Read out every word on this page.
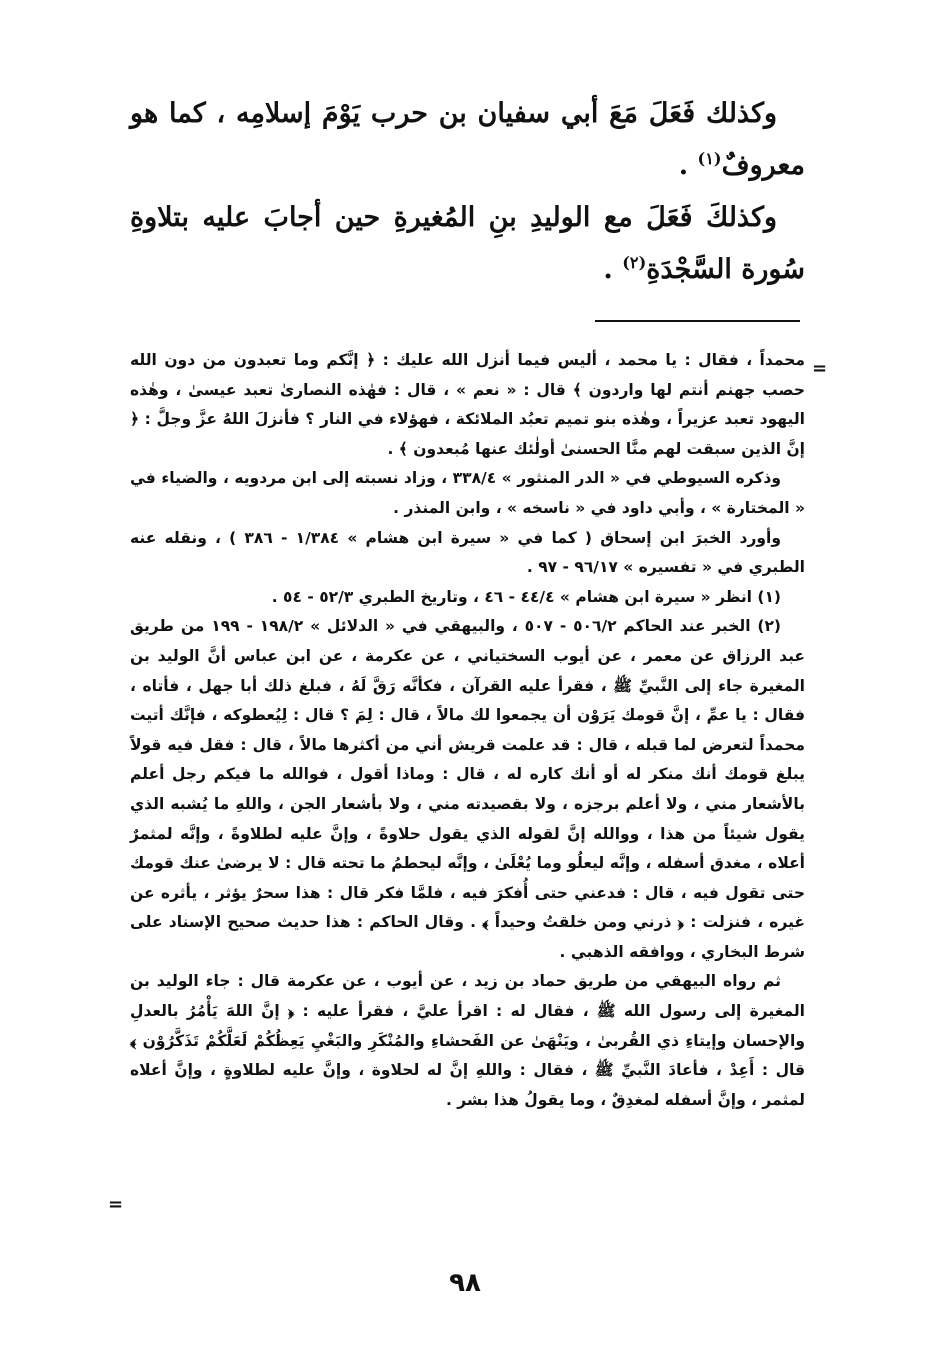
وكذلك فَعَلَ مَعَ أبي سفيان بن حرب يَوْمَ إسلامِه ، كما هو معروفٌ$^{(١)}$ .

وكذلكَ فَعَلَ مع الوليدِ بنِ المُغيرةِ حين أجابَ عليه بتلاوةِ سُورة السَّجْدَةِ$^{(٢)}$ .

=

محمداً ، فقال : يا محمد ، أليس فيما أنزل الله عليك : ﴿ إنَّكم وما تعبدون من دون الله حصب جهنم أنتم لها واردون ﴾ قال : « نعم » ، قال : فهٰذه النصارىٰ تعبد عيسىٰ ، وهٰذه اليهود تعبد عزيراً ، وهٰذه بنو تميم تعبُد الملائكة ، فهؤلاء في النار ؟ فأنزلَ اللهُ عزَّ وجلَّ : ﴿ إنَّ الذين سبقت لهم منَّا الحسنىٰ أولٰئك عنها مُبعدون ﴾ .

وذكره السيوطي في « الدر المنثور » ٣٣٨/٤ ، وزاد نسبته إلى ابن مردويه ، والضياء في « المختارة » ، وأبي داود في « ناسخه » ، وابن المنذر .

وأورد الخبرَ ابن إسحاق ( كما في « سيرة ابن هشام » ١/٣٨٤ - ٣٨٦ ) ، ونقله عنه الطبري في « تفسيره » ٩٦/١٧ - ٩٧ .

(١) انظر « سيرة ابن هشام » ٤٤/٤ - ٤٦ ، وتاريخ الطبري ٥٢/٣ - ٥٤ .

(٢) الخبر عند الحاكم ٥٠٦/٢ - ٥٠٧ ، والبيهقي في « الدلائل » ١٩٨/٢ - ١٩٩ من طريق عبد الرزاق عن معمر ، عن أيوب السختياني ، عن عكرمة ، عن ابن عباس أنَّ الوليد بن المغيرة جاء إلى النَّبيِّ ﷺ ، فقرأ عليه القرآن ، فكأنَّه رَقَّ لَهُ ، فبلغ ذلك أبا جهل ، فأتاه ، فقال : يا عمِّ ، إنَّ قومك يَرَوْن أن يجمعوا لك مالاً ، قال : لِمَ ؟ قال : لِيُعطوكه ، فإنَّك أتيت محمداً لتعرض لما قبله ، قال : قد علمت قريش أني من أكثرها مالاً ، قال : فقل فيه قولاً يبلغ قومك أنك منكر له أو أنك كاره له ، قال : وماذا أقول ، فوالله ما فيكم رجل أعلم بالأشعار مني ، ولا أعلم برجزه ، ولا بقصيدته مني ، ولا بأشعار الجن ، واللهِ ما يُشبه الذي يقول شيئاً من هذا ، ووالله إنَّ لقوله الذي يقول حلاوةً ، وإنَّ عليه لطلاوةً ، وإنَّه لمثمرٌ أعلاه ، مغدق أسفله ، وإنَّه ليعلُو وما يُعْلَىٰ ، وإنَّه ليحطمُ ما تحته قال : لا يرضىٰ عنك قومك حتى تقول فيه ، قال : فدعني حتى أُفكرَ فيه ، فلمَّا فكر قال : هذا سحرٌ يؤثر ، يأثره عن غيره ، فنزلت : ﴿ ذرني ومن خلقتُ وحيداً ﴾ . وقال الحاكم : هذا حديث صحيح الإسناد على شرط البخاري ، ووافقه الذهبي .

ثم رواه البيهقي من طريق حماد بن زيد ، عن أيوب ، عن عكرمة قال : جاء الوليد بن المغيرة إلى رسول الله ﷺ ، فقال له : اقرأ عليَّ ، فقرأ عليه : ﴿ إنَّ اللهَ يَأْمُرُ بالعدلِ والإحسان وإيتاءِ ذي القُربىٰ ، ويَنْهَىٰ عن الفَحشاءِ والمُنْكَرِ والبَغْيِ يَعِظُكُمْ لَعَلَّكُمْ تَذَكَّرُوْن ﴾ قال : أَعِدْ ، فأعادَ النَّبيِّ ﷺ ، فقال : واللهِ إنَّ له لحلاوة ، وإنَّ عليه لطلاوةٍ ، وإنَّ أعلاه لمثمر ، وإنَّ أسفله لمغدِقٌ ، وما يقولُ هذا بشر .

=
٩٨
